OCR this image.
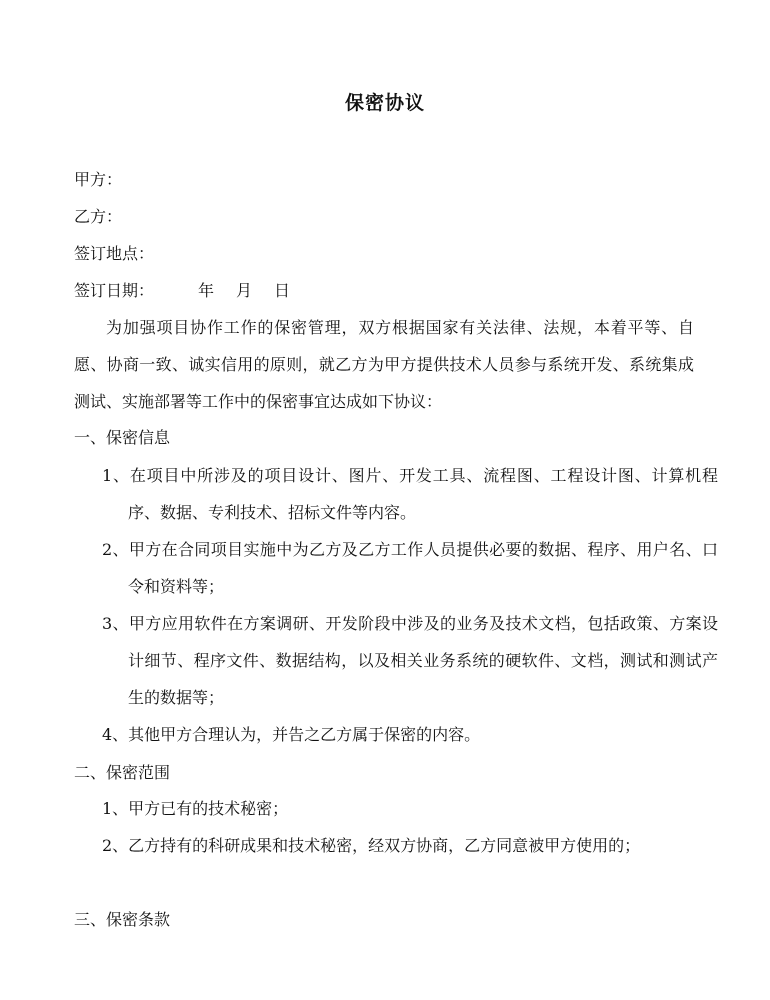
保密协议
甲方：
乙方：
签订地点：
签订日期：	年 月 日
为加强项目协作工作的保密管理，双方根据国家有关法律、法规，本着平等、自愿、协商一致、诚实信用的原则，就乙方为甲方提供技术人员参与系统开发、系统集成测试、实施部署等工作中的保密事宜达成如下协议：
一、保密信息
1、在项目中所涉及的项目设计、图片、开发工具、流程图、工程设计图、计算机程序、数据、专利技术、招标文件等内容。
2、甲方在合同项目实施中为乙方及乙方工作人员提供必要的数据、程序、用户名、口令和资料等；
3、甲方应用软件在方案调研、开发阶段中涉及的业务及技术文档，包括政策、方案设计细节、程序文件、数据结构，以及相关业务系统的硬软件、文档，测试和测试产生的数据等；
4、其他甲方合理认为，并告之乙方属于保密的内容。
二、保密范围
1、甲方已有的技术秘密；
2、乙方持有的科研成果和技术秘密，经双方协商，乙方同意被甲方使用的；
三、保密条款
